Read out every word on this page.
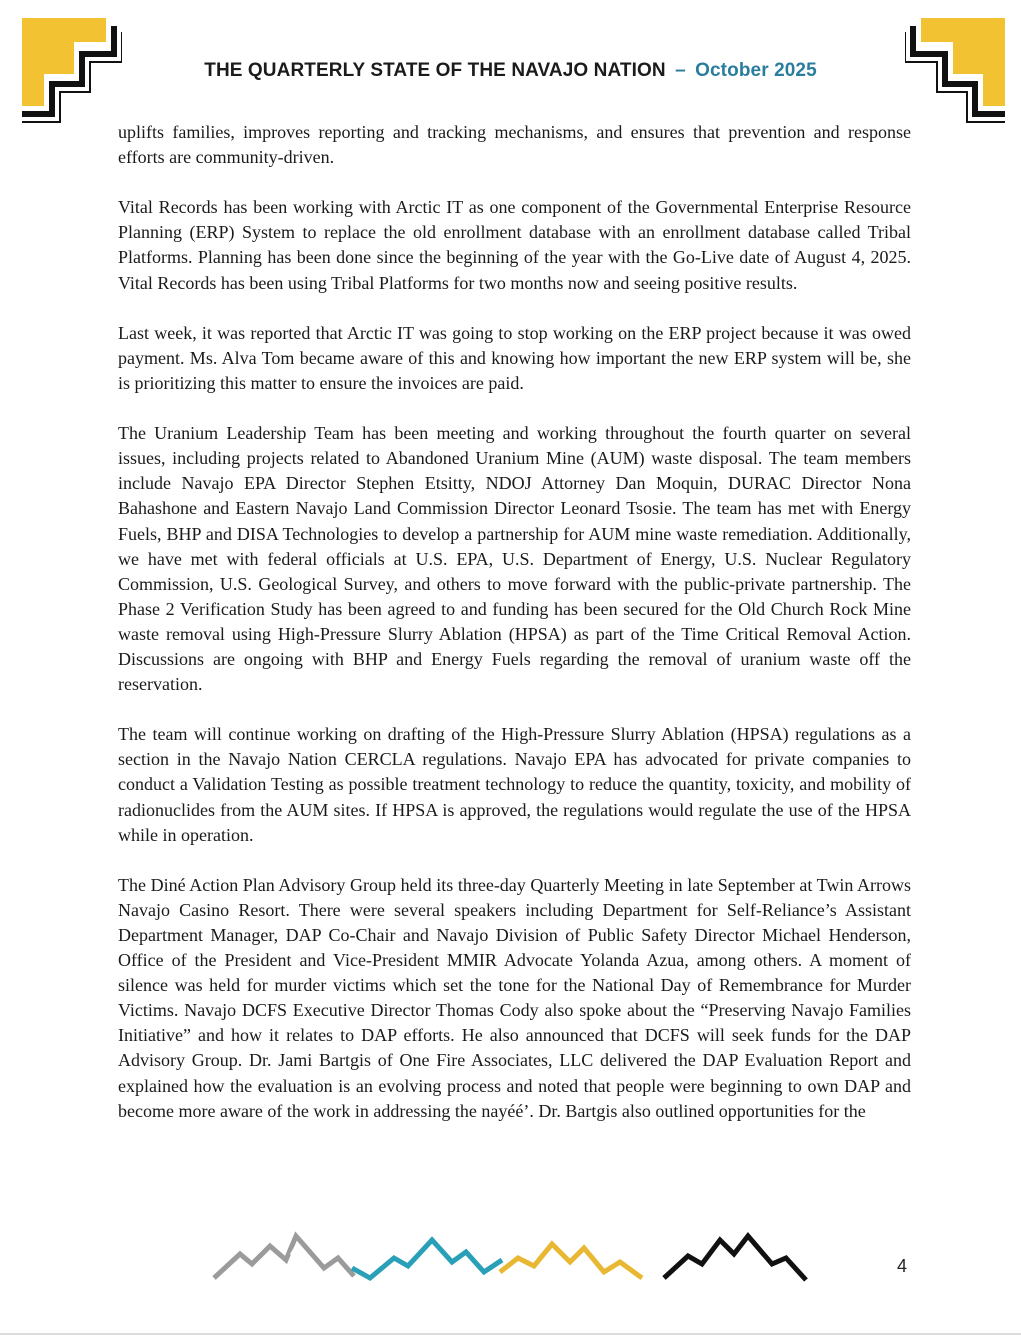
THE QUARTERLY STATE OF THE NAVAJO NATION – October 2025

uplifts families, improves reporting and tracking mechanisms, and ensures that prevention and response efforts are community-driven.

Vital Records has been working with Arctic IT as one component of the Governmental Enterprise Resource Planning (ERP) System to replace the old enrollment database with an enrollment database called Tribal Platforms. Planning has been done since the beginning of the year with the Go-Live date of August 4, 2025. Vital Records has been using Tribal Platforms for two months now and seeing positive results.

Last week, it was reported that Arctic IT was going to stop working on the ERP project because it was owed payment. Ms. Alva Tom became aware of this and knowing how important the new ERP system will be, she is prioritizing this matter to ensure the invoices are paid.

The Uranium Leadership Team has been meeting and working throughout the fourth quarter on several issues, including projects related to Abandoned Uranium Mine (AUM) waste disposal. The team members include Navajo EPA Director Stephen Etsitty, NDOJ Attorney Dan Moquin, DURAC Director Nona Bahashone and Eastern Navajo Land Commission Director Leonard Tsosie. The team has met with Energy Fuels, BHP and DISA Technologies to develop a partnership for AUM mine waste remediation. Additionally, we have met with federal officials at U.S. EPA, U.S. Department of Energy, U.S. Nuclear Regulatory Commission, U.S. Geological Survey, and others to move forward with the public-private partnership. The Phase 2 Verification Study has been agreed to and funding has been secured for the Old Church Rock Mine waste removal using High-Pressure Slurry Ablation (HPSA) as part of the Time Critical Removal Action. Discussions are ongoing with BHP and Energy Fuels regarding the removal of uranium waste off the reservation.

The team will continue working on drafting of the High-Pressure Slurry Ablation (HPSA) regulations as a section in the Navajo Nation CERCLA regulations. Navajo EPA has advocated for private companies to conduct a Validation Testing as possible treatment technology to reduce the quantity, toxicity, and mobility of radionuclides from the AUM sites. If HPSA is approved, the regulations would regulate the use of the HPSA while in operation.

The Diné Action Plan Advisory Group held its three-day Quarterly Meeting in late September at Twin Arrows Navajo Casino Resort. There were several speakers including Department for Self-Reliance’s Assistant Department Manager, DAP Co-Chair and Navajo Division of Public Safety Director Michael Henderson, Office of the President and Vice-President MMIR Advocate Yolanda Azua, among others. A moment of silence was held for murder victims which set the tone for the National Day of Remembrance for Murder Victims. Navajo DCFS Executive Director Thomas Cody also spoke about the “Preserving Navajo Families Initiative” and how it relates to DAP efforts. He also announced that DCFS will seek funds for the DAP Advisory Group. Dr. Jami Bartgis of One Fire Associates, LLC delivered the DAP Evaluation Report and explained how the evaluation is an evolving process and noted that people were beginning to own DAP and become more aware of the work in addressing the nayéé’. Dr. Bartgis also outlined opportunities for the

4
